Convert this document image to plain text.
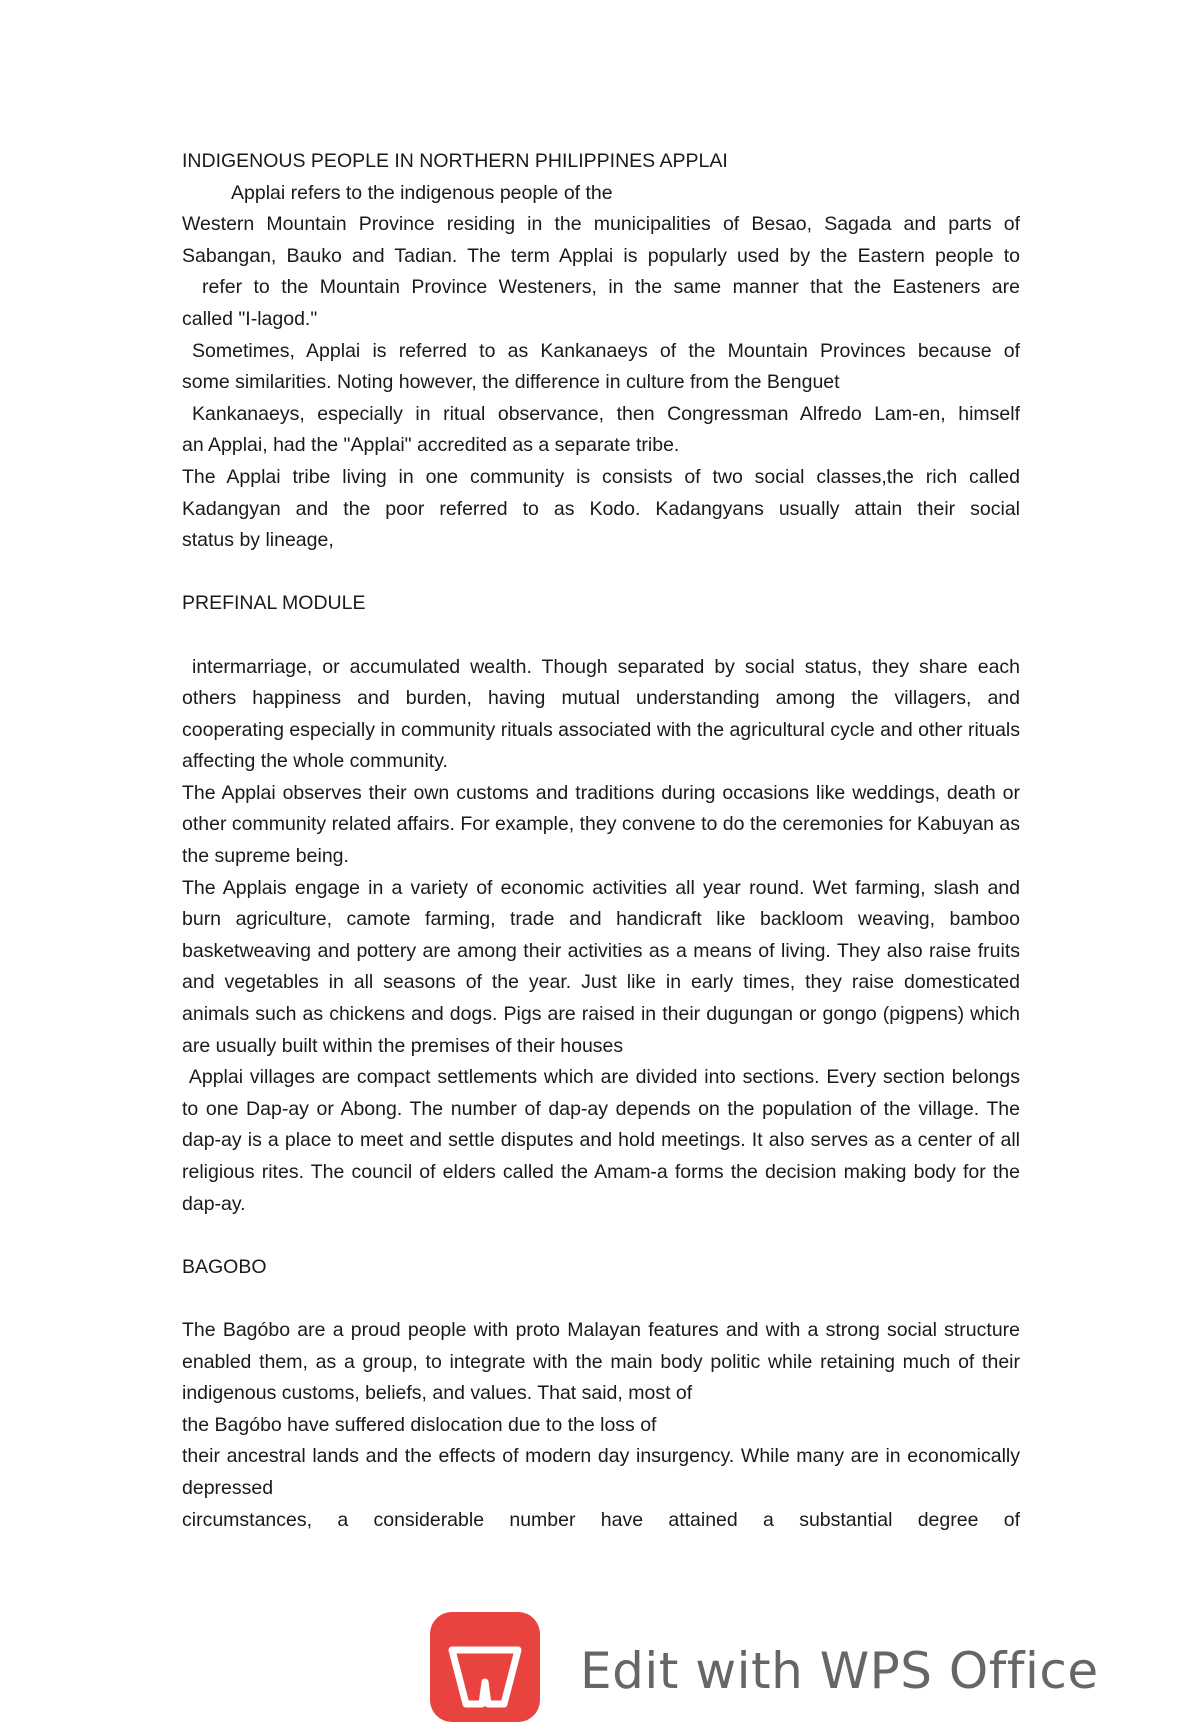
INDIGENOUS PEOPLE IN NORTHERN PHILIPPINES APPLAI

Applai refers to the indigenous people of the

Western Mountain Province residing in the municipalities of Besao, Sagada and parts of

Sabangan, Bauko and Tadian. The term Applai is popularly used by the Eastern people to

refer to the Mountain Province Westeners, in the same manner that the Easteners are

called "I-lagod."

Sometimes, Applai is referred to as Kankanaeys of the Mountain Provinces because of

some similarities. Noting however, the difference in culture from the Benguet

Kankanaeys, especially in ritual observance, then Congressman Alfredo Lam-en, himself

an Applai, had the "Applai" accredited as a separate tribe.

The Applai tribe living in one community is consists of two social classes,the rich called

Kadangyan and the poor referred to as Kodo. Kadangyans usually attain their social

status by lineage,

PREFINAL MODULE

intermarriage, or accumulated wealth. Though separated by social status, they share each others happiness and burden, having mutual understanding among the villagers, and cooperating especially in community rituals associated with the agricultural cycle and other rituals affecting the whole community.

The Applai observes their own customs and traditions during occasions like weddings, death or other community related affairs. For example, they convene to do the ceremonies for Kabuyan as the supreme being.

The Applais engage in a variety of economic activities all year round. Wet farming, slash and burn agriculture, camote farming, trade and handicraft like backloom weaving, bamboo basketweaving and pottery are among their activities as a means of living. They also raise fruits and vegetables in all seasons of the year. Just like in early times, they raise domesticated animals such as chickens and dogs. Pigs are raised in their dugungan or gongo (pigpens) which are usually built within the premises of their houses

Applai villages are compact settlements which are divided into sections. Every section belongs to one Dap-ay or Abong. The number of dap-ay depends on the population of the village. The dap-ay is a place to meet and settle disputes and hold meetings. It also serves as a center of all religious rites. The council of elders called the Amam-a forms the decision making body for the dap-ay.

BAGOBO

The Bagóbo are a proud people with proto Malayan features and with a strong social structure enabled them, as a group, to integrate with the main body politic while retaining much of their indigenous customs, beliefs, and values. That said, most of

the Bagóbo have suffered dislocation due to the loss of

their ancestral lands and the effects of modern day insurgency. While many are in economically depressed

circumstances, a considerable number have attained a substantial degree of

Edit with WPS Office
